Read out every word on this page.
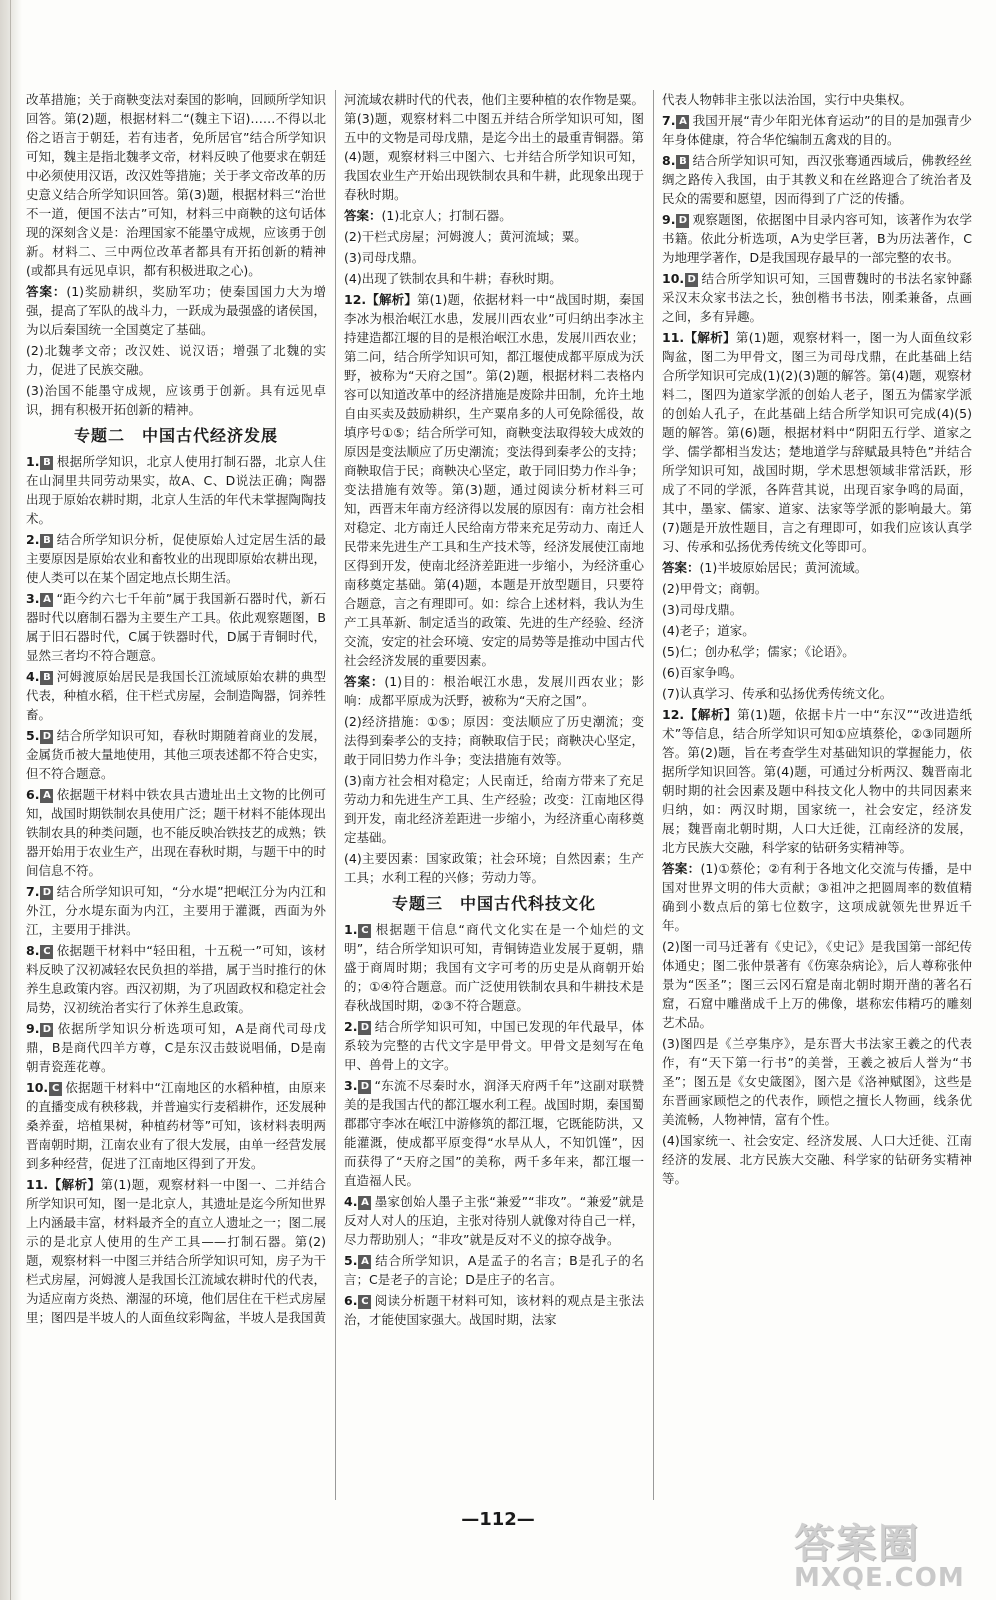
改革措施；关于商鞅变法对秦国的影响，回顾所学知识回答。第(2)题，根据材料二“(魏主下诏)……不得以北俗之语言于朝廷，若有违者，免所居官”结合所学知识可知，魏主是指北魏孝文帝，材料反映了他要求在朝廷中必须使用汉语，改汉姓等措施；关于孝文帝改革的历史意义结合所学知识回答。第(3)题，根据材料三“治世不一道，便国不法古”可知，材料三中商鞅的这句话体现的深刻含义是：治理国家不能墨守成规，应该勇于创新。材料二、三中两位改革者都具有开拓创新的精神(或都具有远见卓识，都有积极进取之心)。

答案：(1)奖励耕织，奖励军功；使秦国国力大为增强，提高了军队的战斗力，一跃成为最强盛的诸侯国，为以后秦国统一全国奠定了基础。

(2)北魏孝文帝；改汉姓、说汉语；增强了北魏的实力，促进了民族交融。

(3)治国不能墨守成规，应该勇于创新。具有远见卓识，拥有积极开拓创新的精神。

专题二　中国古代经济发展

1. B 根据所学知识，北京人使用打制石器，北京人住在山洞里共同劳动果实，故A、C、D说法正确；陶器出现于原始农耕时期，北京人生活的年代未掌握陶陶技术。

2. B 结合所学知识分析，促使原始人过定居生活的最主要原因是原始农业和畜牧业的出现即原始农耕出现，使人类可以在某个固定地点长期生活。

3. A “距今约六七千年前”属于我国新石器时代，新石器时代以磨制石器为主要生产工具。依此观察题图，B属于旧石器时代，C属于铁器时代，D属于青铜时代，显然三者均不符合题意。

4. B 河姆渡原始居民是我国长江流域原始农耕的典型代表，种植水稻，住干栏式房屋，会制造陶器，饲养牲畜。

5. D 结合所学知识可知，春秋时期随着商业的发展，金属货币被大量地使用，其他三项表述都不符合史实，但不符合题意。

6. A 依据题干材料中铁农具古遗址出土文物的比例可知，战国时期铁制农具使用广泛；题干材料不能体现出铁制农具的种类问题，也不能反映冶铁技艺的成熟；铁器开始用于农业生产，出现在春秋时期，与题干中的时间信息不符。

7. D 结合所学知识可知，“分水堤”把岷江分为内江和外江，分水堤东面为内江，主要用于灌溉，西面为外江，主要用于排洪。

8. C 依据题干材料中“轻田租，十五税一”可知，该材料反映了汉初减轻农民负担的举措，属于当时推行的休养生息政策内容。西汉初期，为了巩固政权和稳定社会局势，汉初统治者实行了休养生息政策。

9. D 依据所学知识分析选项可知，A是商代司母戊鼎，B是商代四羊方尊，C是东汉击鼓说唱俑，D是南朝青瓷莲花尊。

10. C 依据题干材料中“江南地区的水稻种植，由原来的直播变成有秧移栽，并普遍实行麦稻耕作，还发展种桑养蚕，培植果树，种植药材等”可知，该材料表明两晋南朝时期，江南农业有了很大发展，由单一经营发展到多种经营，促进了江南地区得到了开发。

11.【解析】第(1)题，观察材料一中图一、二并结合所学知识可知，图一是北京人，其遗址是迄今所知世界上内涵最丰富，材料最齐全的直立人遗址之一；图二展示的是北京人使用的生产工具——打制石器。第(2)题，观察材料一中图三并结合所学知识可知，房子为干栏式房屋，河姆渡人是我国长江流域农耕时代的代表，为适应南方炎热、潮湿的环境，他们居住在干栏式房屋里；图四是半坡人的人面鱼纹彩陶盆，半坡人是我国黄

河流域农耕时代的代表，他们主要种植的农作物是粟。第(3)题，观察材料二中图五并结合所学知识可知，图五中的文物是司母戊鼎，是迄今出土的最重青铜器。第(4)题，观察材料三中图六、七并结合所学知识可知，我国农业生产开始出现铁制农具和牛耕，此现象出现于春秋时期。

答案：(1)北京人；打制石器。

(2)干栏式房屋；河姆渡人；黄河流域；粟。

(3)司母戊鼎。

(4)出现了铁制农具和牛耕；春秋时期。

12.【解析】第(1)题，依据材料一中“战国时期，秦国李冰为根治岷江水患，发展川西农业”可归纳出李冰主持建造都江堰的目的是根治岷江水患，发展川西农业；第二问，结合所学知识可知，都江堰使成都平原成为沃野，被称为“天府之国”。第(2)题，根据材料二表格内容可以知道改革中的经济措施是废除井田制，允许土地自由买卖及鼓励耕织，生产粟帛多的人可免除徭役，故填序号①⑤；结合所学可知，商鞅变法取得较大成效的原因是变法顺应了历史潮流；变法得到秦孝公的支持；商鞅取信于民；商鞅决心坚定，敢于同旧势力作斗争；变法措施有效等。第(3)题，通过阅读分析材料三可知，西晋末年南方经济得以发展的原因有：南方社会相对稳定、北方南迁人民给南方带来充足劳动力、南迁人民带来先进生产工具和生产技术等，经济发展使江南地区得到开发，使南北经济差距进一步缩小，为经济重心南移奠定基础。第(4)题，本题是开放型题目，只要符合题意，言之有理即可。如：综合上述材料，我认为生产工具革新、制定适当的政策、先进的生产经验、经济交流，安定的社会环境、安定的局势等是推动中国古代社会经济发展的重要因素。

答案：(1)目的：根治岷江水患，发展川西农业；影响：成都平原成为沃野，被称为“天府之国”。

(2)经济措施：①⑤；原因：变法顺应了历史潮流；变法得到秦孝公的支持；商鞅取信于民；商鞅决心坚定，敢于同旧势力作斗争；变法措施有效等。

(3)南方社会相对稳定；人民南迁，给南方带来了充足劳动力和先进生产工具、生产经验；改变：江南地区得到开发，南北经济差距进一步缩小，为经济重心南移奠定基础。

(4)主要因素：国家政策；社会环境；自然因素；生产工具；水利工程的兴修；劳动力等。

专题三　中国古代科技文化

1. C 根据题干信息“商代文化实在是一个灿烂的文明”，结合所学知识可知，青铜铸造业发展于夏朝，鼎盛于商周时期；我国有文字可考的历史是从商朝开始的；①④符合题意。而广泛使用铁制农具和牛耕技术是春秋战国时期，②③不符合题意。

2. D 结合所学知识可知，中国已发现的年代最早，体系较为完整的古代文字是甲骨文。甲骨文是刻写在龟甲、兽骨上的文字。

3. D “东流不尽秦时水，润泽天府两千年”这副对联赞美的是我国古代的都江堰水利工程。战国时期，秦国蜀郡郡守李冰在岷江中游修筑的都江堰，它既能防洪，又能灌溉，使成都平原变得“水旱从人，不知饥馑”，因而获得了“天府之国”的美称，两千多年来，都江堰一直造福人民。

4. A 墨家创始人墨子主张“兼爱”“非攻”。“兼爱”就是反对人对人的压迫，主张对待别人就像对待自己一样，尽力帮助别人；“非攻”就是反对不义的掠夺战争。

5. A 结合所学知识，A是孟子的名言；B是孔子的名言；C是老子的言论；D是庄子的名言。

6. C 阅读分析题干材料可知，该材料的观点是主张法治，才能使国家强大。战国时期，法家

代表人物韩非主张以法治国，实行中央集权。

7. A 我国开展“青少年阳光体育运动”的目的是加强青少年身体健康，符合华佗编制五禽戏的目的。

8. B 结合所学知识可知，西汉张骞通西域后，佛教经丝绸之路传入我国，由于其教义和在丝路迎合了统治者及民众的需要和愿望，因而得到了广泛的传播。

9. D 观察题图，依据图中目录内容可知，该著作为农学书籍。依此分析选项，A为史学巨著，B为历法著作，C为地理学著作，D是我国现存最早的一部完整的农书。

10. D 结合所学知识可知，三国曹魏时的书法名家钟繇采汉末众家书法之长，独创楷书书法，刚柔兼备，点画之间，多有异趣。

11.【解析】第(1)题，观察材料一，图一为人面鱼纹彩陶盆，图二为甲骨文，图三为司母戊鼎，在此基础上结合所学知识可完成(1)(2)(3)题的解答。第(4)题，观察材料二，图四为道家学派的创始人老子，图五为儒家学派的创始人孔子，在此基础上结合所学知识可完成(4)(5)题的解答。第(6)题，根据材料中“阴阳五行学、道家之学、儒学都相当发达；楚地道学与辞赋最具特色”并结合所学知识可知，战国时期，学术思想领域非常活跃，形成了不同的学派，各阵营其说，出现百家争鸣的局面，其中，墨家、儒家、道家、法家等学派的影响最大。第(7)题是开放性题目，言之有理即可，如我们应该认真学习、传承和弘扬优秀传统文化等即可。

答案：(1)半坡原始居民；黄河流域。

(2)甲骨文；商朝。

(3)司母戊鼎。

(4)老子；道家。

(5)仁；创办私学；儒家；《论语》。

(6)百家争鸣。

(7)认真学习、传承和弘扬优秀传统文化。

12.【解析】第(1)题，依据卡片一中“东汉”“改进造纸术”等信息，结合所学知识可知①应填蔡伦，②③同题所答。第(2)题，旨在考查学生对基础知识的掌握能力，依据所学知识回答。第(4)题，可通过分析两汉、魏晋南北朝时期的社会因素及题中科技文化人物中的共同因素来归纳，如：两汉时期，国家统一，社会安定，经济发展；魏晋南北朝时期，人口大迁徙，江南经济的发展，北方民族大交融，科学家的钻研务实精神等。

答案：(1)①蔡伦；②有利于各地文化交流与传播，是中国对世界文明的伟大贡献；③祖冲之把圆周率的数值精确到小数点后的第七位数字，这项成就领先世界近千年。

(2)图一司马迁著有《史记》，《史记》是我国第一部纪传体通史；图二张仲景著有《伤寒杂病论》，后人尊称张仲景为“医圣”；图三云冈石窟是南北朝时期开凿的著名石窟，石窟中雕凿成千上万的佛像，堪称宏伟精巧的雕刻艺术品。

(3)图四是《兰亭集序》，是东晋大书法家王羲之的代表作，有“天下第一行书”的美誉，王羲之被后人誉为“书圣”；图五是《女史箴图》，图六是《洛神赋图》，这些是东晋画家顾恺之的代表作，顾恺之擅长人物画，线条优美流畅，人物神情，富有个性。

(4)国家统一、社会安定、经济发展、人口大迁徙、江南经济的发展、北方民族大交融、科学家的钻研务实精神等。

—112—
答案圈
MXQE.COM
